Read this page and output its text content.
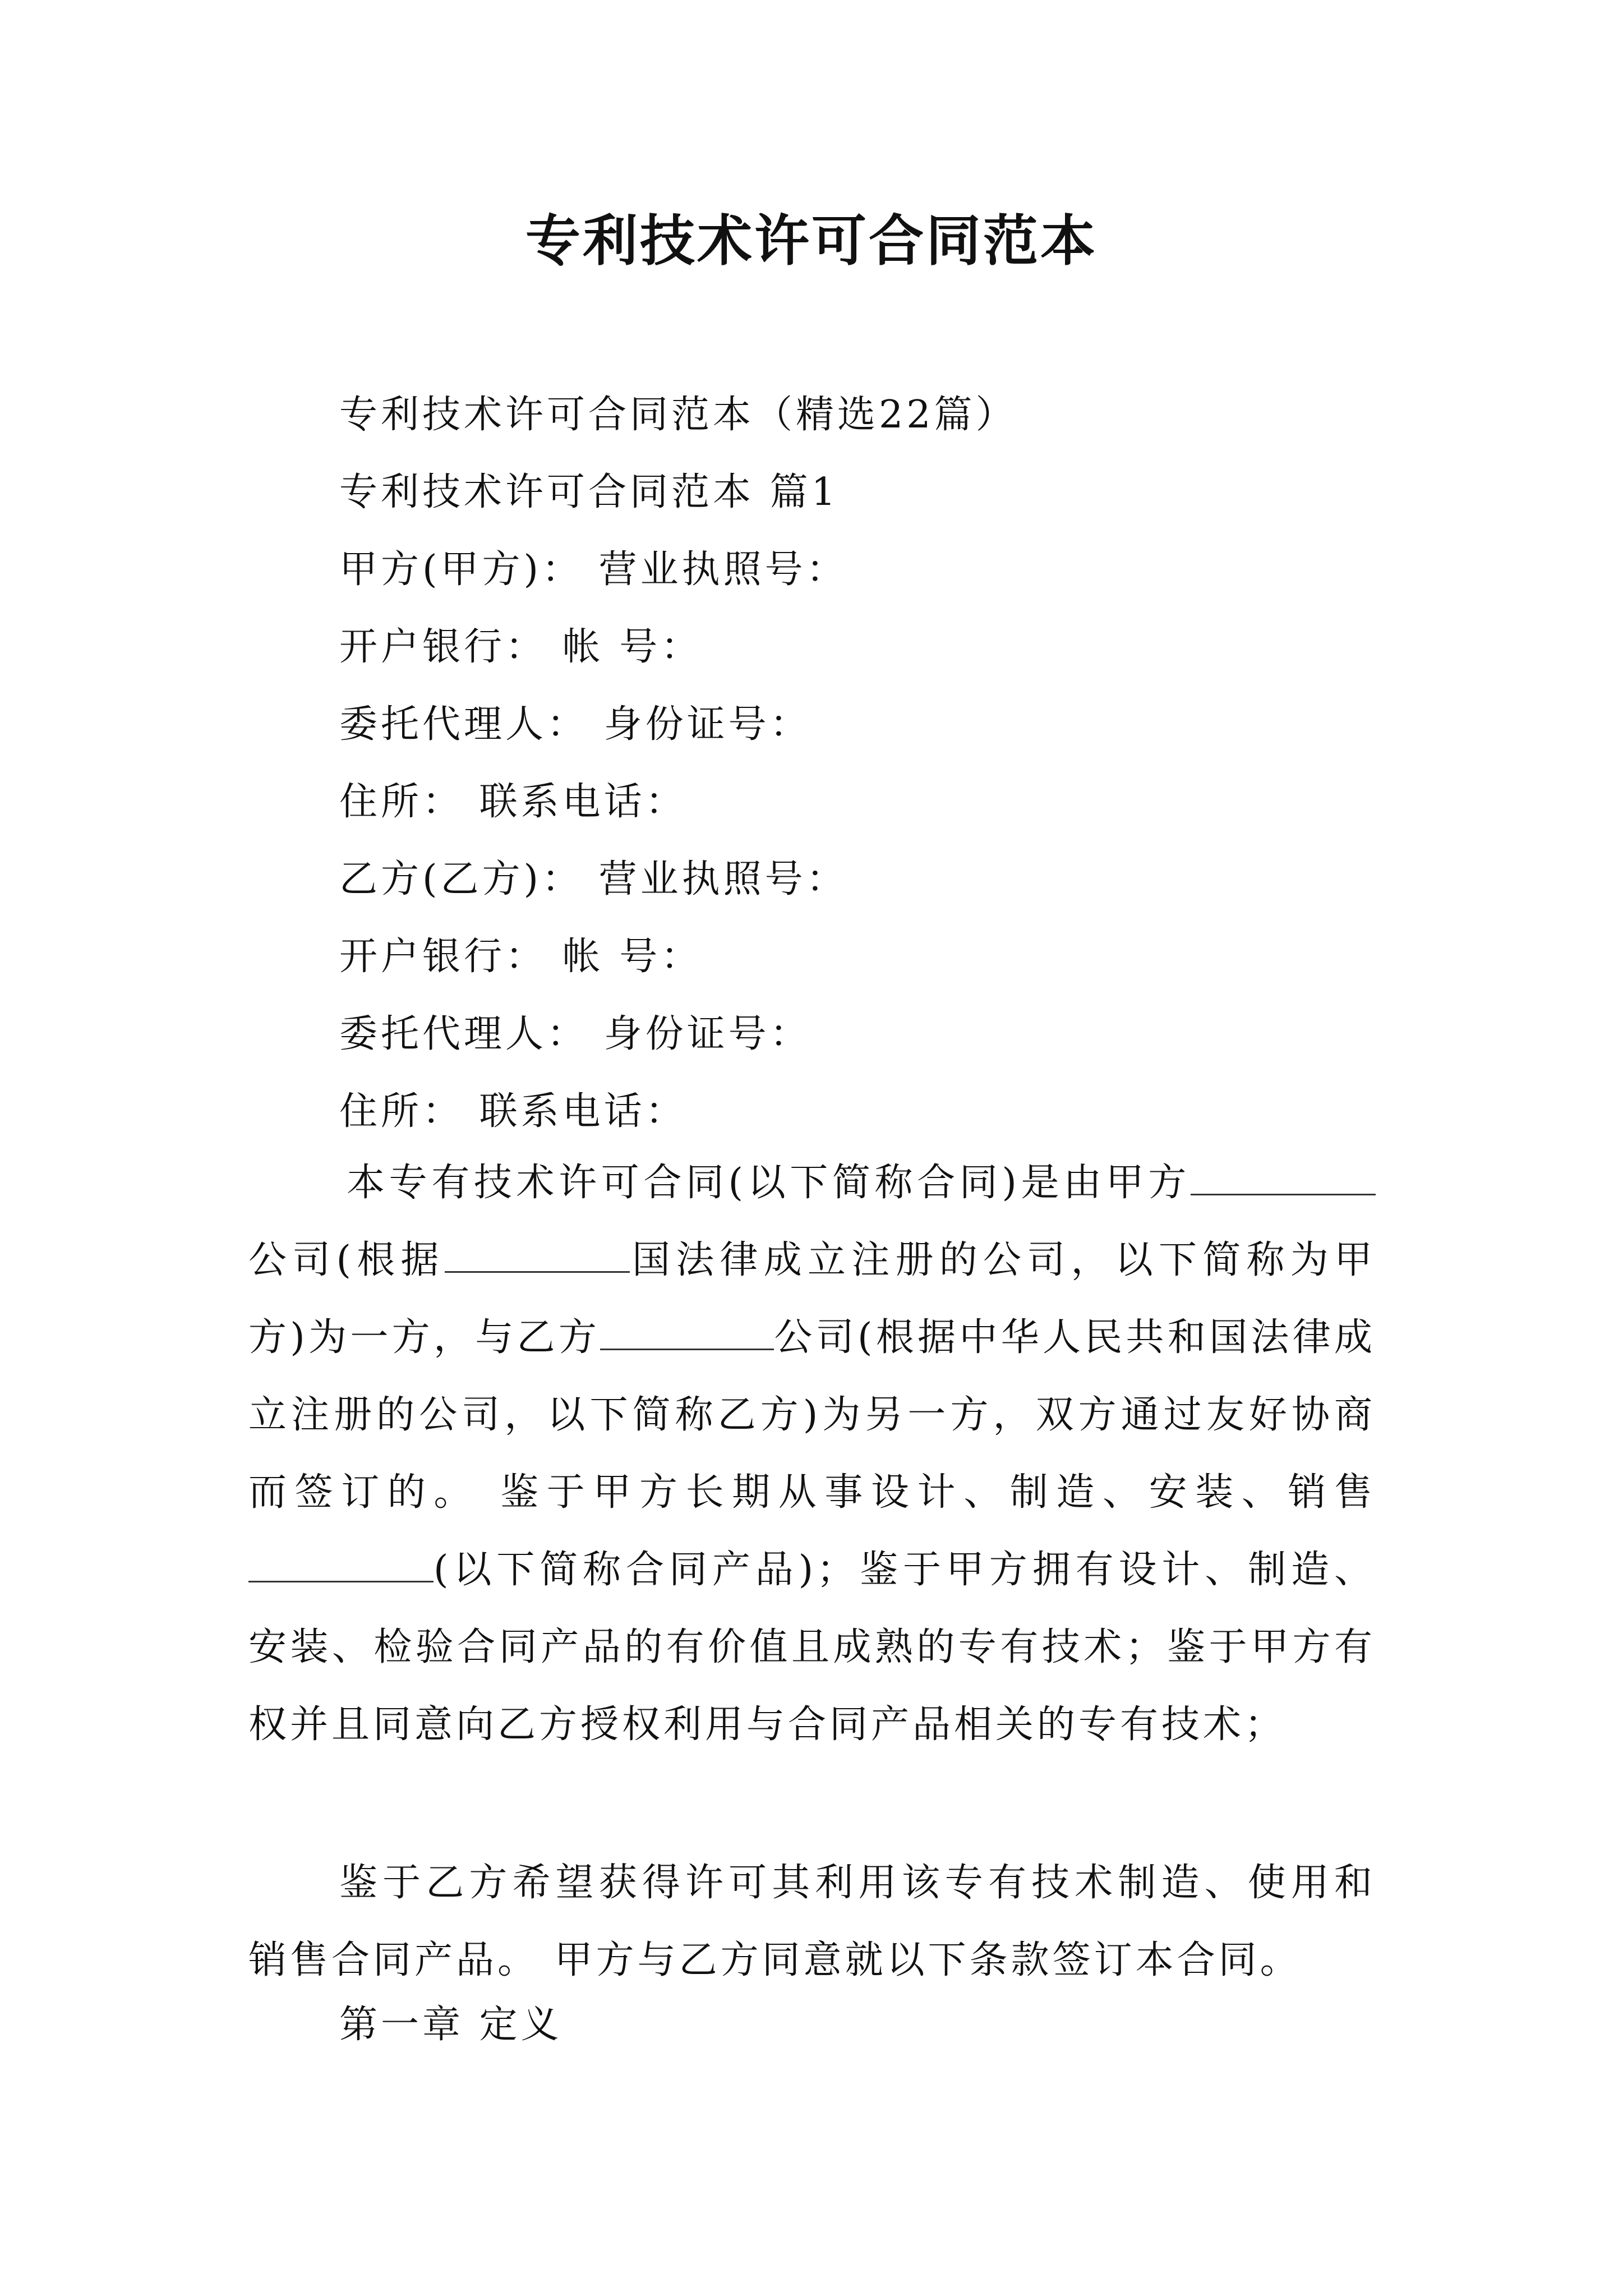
专利技术许可合同范本
专利技术许可合同范本（精选22篇）
专利技术许可合同范本 篇1
甲方(甲方)： 营业执照号：
开户银行： 帐 号：
委托代理人： 身份证号：
住所： 联系电话：
乙方(乙方)： 营业执照号：
开户银行： 帐 号：
委托代理人： 身份证号：
住所： 联系电话：

本专有技术许可合同(以下简称合同)是由甲方公司(根据	国法律成立注册的公司，以下简称为甲方)为一方，与乙方	公司(根据中华人民共和国法律成立注册的公司，以下简称乙方)为另一方，双方通过友好协商而签订的。 鉴于甲方长期从事设计、制造、安装、销售(以下简称合同产品)；鉴于甲方拥有设计、制造、安装、检验合同产品的有价值且成熟的专有技术；鉴于甲方有权并且同意向乙方授权利用与合同产品相关的专有技术；

鉴于乙方希望获得许可其利用该专有技术制造、使用和销售合同产品。 甲方与乙方同意就以下条款签订本合同。

第一章 定义
